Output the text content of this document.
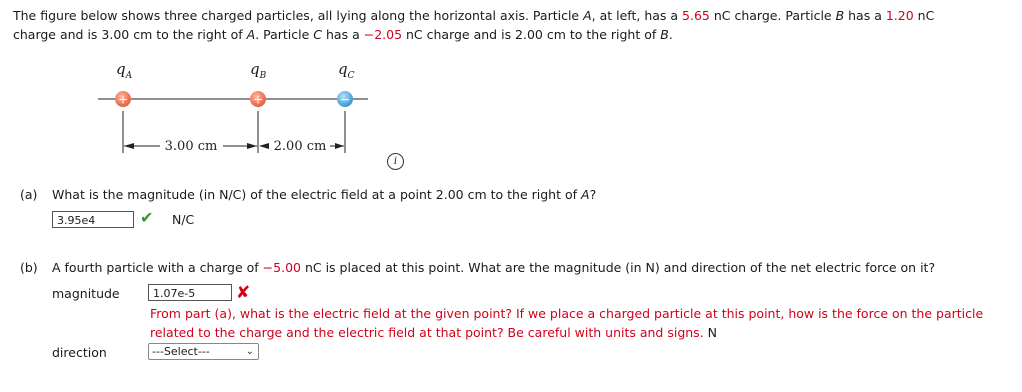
The figure below shows three charged particles, all lying along the horizontal axis. Particle A, at left, has a 5.65 nC charge. Particle B has a 1.20 nC
charge and is 3.00 cm to the right of A. Particle C has a −2.05 nC charge and is 2.00 cm to the right of B.
$q_A$	$q_B$	$q_C$
+	+	−
3.00 cm	2.00 cm
i
(a) What is the magnitude (in N/C) of the electric field at a point 2.00 cm to the right of A?
3.95e4	✔ N/C
(b) A fourth particle with a charge of −5.00 nC is placed at this point. What are the magnitude (in N) and direction of the net electric force on it?
magnitude	1.07e-5	✘
From part (a), what is the electric field at the given point? If we place a charged particle at this point, how is the force on the particle related to the charge and the electric field at that point? Be careful with units and signs. N
direction	---Select---	⌄
